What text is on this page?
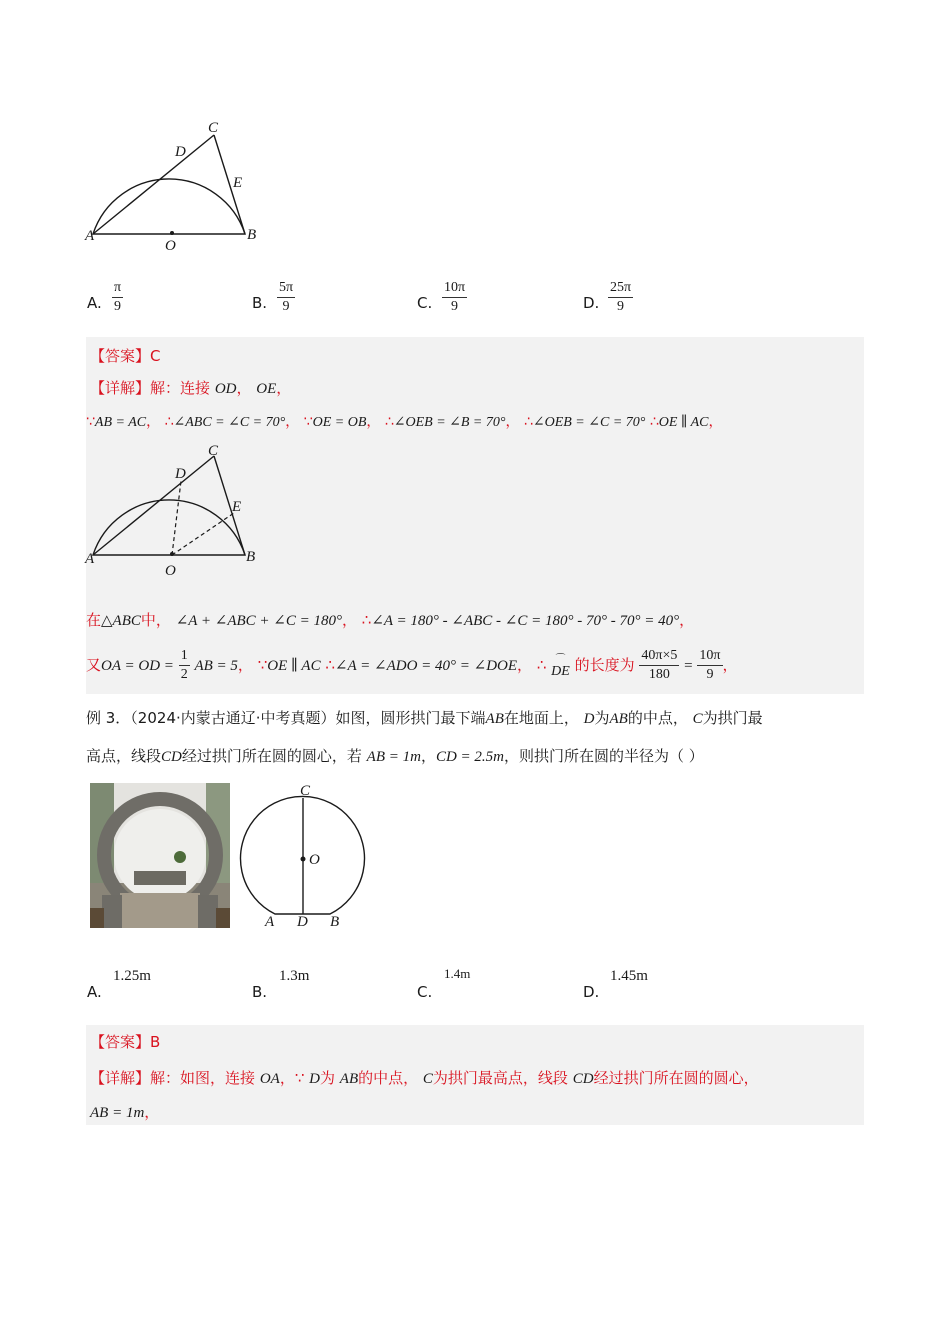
C
D
E
A
O
B
A. $\frac{\pi}{9}$	B. $\frac{5\pi}{9}$	C. $\frac{10\pi}{9}$	D. $\frac{25\pi}{9}$
【答案】C
【详解】解：连接 OD， OE，
∵AB = AC， ∴∠ABC = ∠C = 70°， ∵OE = OB， ∴∠OEB = ∠B = 70°， ∴∠OEB = ∠C = 70° ∴OE ∥ AC，
C
D
E
A
O
B
在△ABC中， ∠A + ∠ABC + ∠C = 180°， ∴∠A = 180° - ∠ABC - ∠C = 180° - 70° - 70° = 40°，
又OA = OD = $\frac{1}{2}$ AB = 5， ∵OE ∥ AC ∴∠A = ∠ADO = 40° = ∠DOE， ∴ ⌒
DE 的长度为 $\frac{40\pi\times 5}{180} = \frac{10\pi}{9}$ ，
例 3．（2024·内蒙古通辽·中考真题）如图，圆形拱门最下端AB在地面上， D为AB的中点， C为拱门最
高点，线段CD经过拱门所在圆的圆心，若 AB = 1m，CD = 2.5m，则拱门所在圆的半径为（ ）
C
O
A D B
A.
1.25m
B.
1.3m
C.
1.4m
D.
1.45m
【答案】B
【详解】解：如图，连接 OA，∵ D为 AB的中点， C为拱门最高点，线段 CD经过拱门所在圆的圆心，
AB = 1m，
